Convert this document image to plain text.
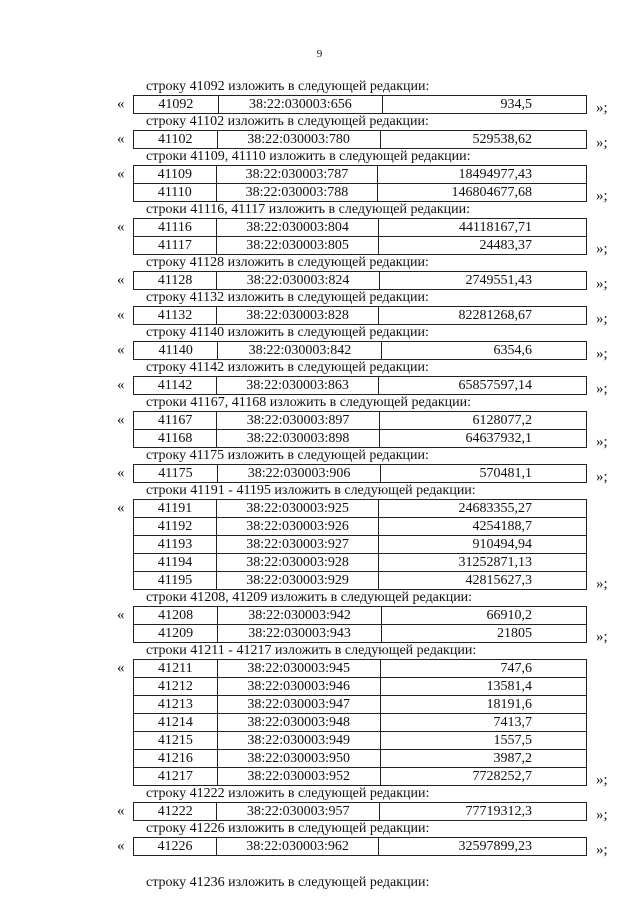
9
строку 41092 изложить в следующей редакции:
« 41092	38:22:030003:656	934,5	»;
строку 41102 изложить в следующей редакции:
« 41102	38:22:030003:780	529538,62	»;
строки 41109, 41110 изложить в следующей редакции:
« 41109	38:22:030003:787	18494977,43
41110	38:22:030003:788	146804677,68	»;
строки 41116, 41117 изложить в следующей редакции:
« 41116	38:22:030003:804	44118167,71
41117	38:22:030003:805	24483,37	»;
строку 41128 изложить в следующей редакции:
« 41128	38:22:030003:824	2749551,43	»;
строку 41132 изложить в следующей редакции:
« 41132	38:22:030003:828	82281268,67	»;
строку 41140 изложить в следующей редакции:
« 41140	38:22:030003:842	6354,6	»;
строку 41142 изложить в следующей редакции:
« 41142	38:22:030003:863	65857597,14	»;
строки 41167, 41168 изложить в следующей редакции:
« 41167	38:22:030003:897	6128077,2
41168	38:22:030003:898	64637932,1	»;
строку 41175 изложить в следующей редакции:
« 41175	38:22:030003:906	570481,1	»;
строки 41191 - 41195 изложить в следующей редакции:
« 41191	38:22:030003:925	24683355,27
41192	38:22:030003:926	4254188,7
41193	38:22:030003:927	910494,94
41194	38:22:030003:928	31252871,13
41195	38:22:030003:929	42815627,3	»;
строки 41208, 41209 изложить в следующей редакции:
« 41208	38:22:030003:942	66910,2
41209	38:22:030003:943	21805	»;
строки 41211 - 41217 изложить в следующей редакции:
« 41211	38:22:030003:945	747,6
41212	38:22:030003:946	13581,4
41213	38:22:030003:947	18191,6
41214	38:22:030003:948	7413,7
41215	38:22:030003:949	1557,5
41216	38:22:030003:950	3987,2
41217	38:22:030003:952	7728252,7	»;
строку 41222 изложить в следующей редакции:
« 41222	38:22:030003:957	77719312,3	»;
строку 41226 изложить в следующей редакции:
« 41226	38:22:030003:962	32597899,23	»;
строку 41236 изложить в следующей редакции:
